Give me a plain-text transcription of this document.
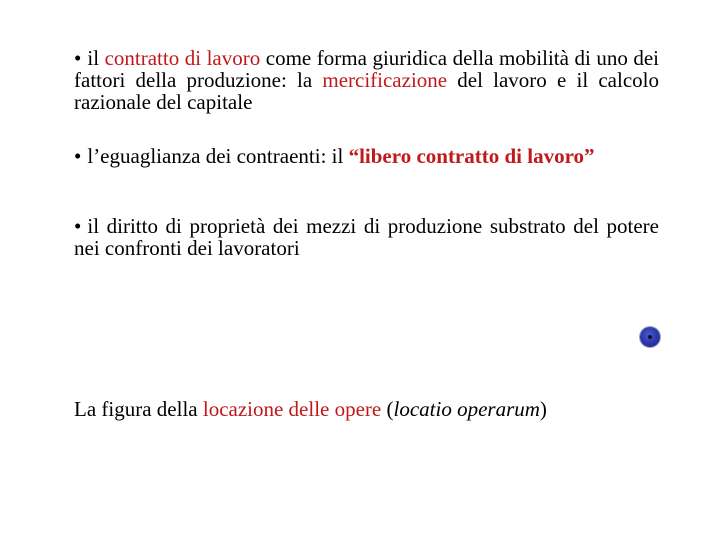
• il contratto di lavoro come forma giuridica della mobilità di uno dei fattori della produzione: la mercificazione del lavoro e il calcolo razionale del capitale

• l’eguaglianza dei contraenti: il “libero contratto di lavoro”

• il diritto di proprietà dei mezzi di produzione substrato del potere nei confronti dei lavoratori

La figura della locazione delle opere (locatio operarum)
